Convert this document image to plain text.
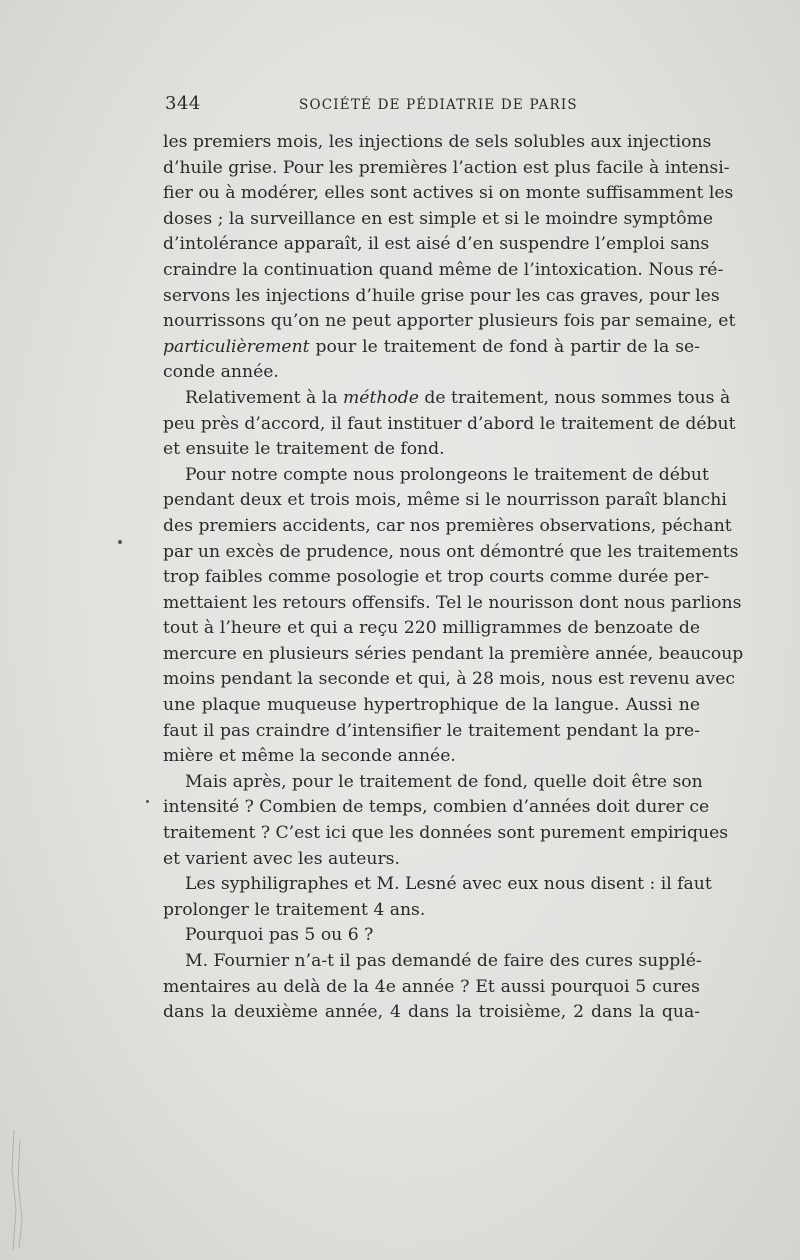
344	SOCIÉTÉ DE PÉDIATRIE DE PARIS
les premiers mois, les injections de sels solubles aux injections
d’huile grise. Pour les premières l’action est plus facile à intensi-
fier ou à modérer, elles sont actives si on monte suffisamment les
doses ; la surveillance en est simple et si le moindre symptôme
d’intolérance apparaît, il est aisé d’en suspendre l’emploi sans
craindre la continuation quand même de l’intoxication. Nous ré-
servons les injections d’huile grise pour les cas graves, pour les
nourrissons qu’on ne peut apporter plusieurs fois par semaine, et
particulièrement pour le traitement de fond à partir de la se-
conde année.
Relativement à la méthode de traitement, nous sommes tous à
peu près d’accord, il faut instituer d’abord le traitement de début
et ensuite le traitement de fond.
Pour notre compte nous prolongeons le traitement de début
pendant deux et trois mois, même si le nourrisson paraît blanchi
des premiers accidents, car nos premières observations, péchant
par un excès de prudence, nous ont démontré que les traitements
trop faibles comme posologie et trop courts comme durée per-
mettaient les retours offensifs. Tel le nourisson dont nous parlions
tout à l’heure et qui a reçu 220 milligrammes de benzoate de
mercure en plusieurs séries pendant la première année, beaucoup
moins pendant la seconde et qui, à 28 mois, nous est revenu avec
une plaque muqueuse hypertrophique de la langue. Aussi ne
faut il pas craindre d’intensifier le traitement pendant la pre-
mière et même la seconde année.
Mais après, pour le traitement de fond, quelle doit être son
intensité ? Combien de temps, combien d’années doit durer ce
traitement ? C’est ici que les données sont purement empiriques
et varient avec les auteurs.
Les syphiligraphes et M. Lesné avec eux nous disent : il faut
prolonger le traitement 4 ans.
Pourquoi pas 5 ou 6 ?
M. Fournier n’a-t il pas demandé de faire des cures supplé-
mentaires au delà de la 4e année ? Et aussi pourquoi 5 cures
dans la deuxième année, 4 dans la troisième, 2 dans la qua-
